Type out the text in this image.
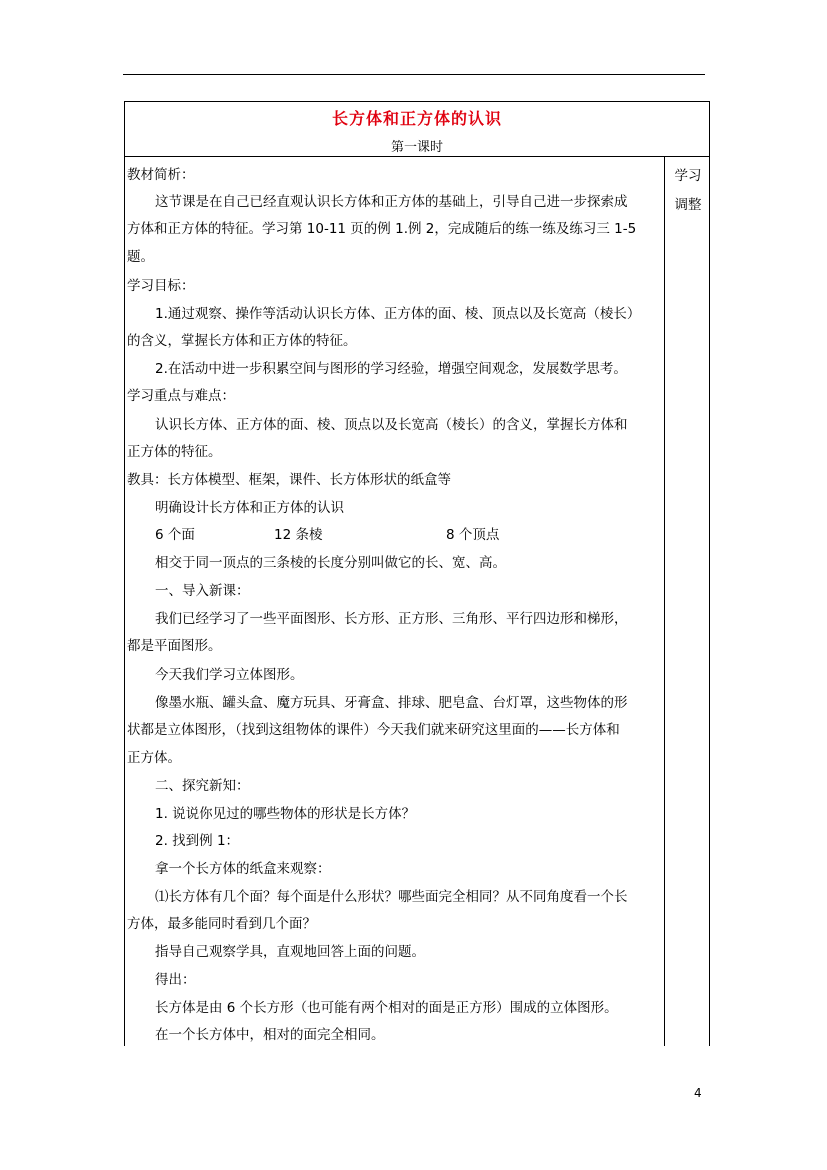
长方体和正方体的认识
第一课时
学习
调整
教材简析：
这节课是在自己已经直观认识长方体和正方体的基础上，引导自己进一步探索成
方体和正方体的特征。学习第 10-11 页的例 1.例 2，完成随后的练一练及练习三 1-5
题。
学习目标：
1.通过观察、操作等活动认识长方体、正方体的面、棱、顶点以及长宽高（棱长）
的含义，掌握长方体和正方体的特征。
2.在活动中进一步积累空间与图形的学习经验，增强空间观念，发展数学思考。
学习重点与难点：
认识长方体、正方体的面、棱、顶点以及长宽高（棱长）的含义，掌握长方体和
正方体的特征。
教具：长方体模型、框架，课件、长方体形状的纸盒等
明确设计长方体和正方体的认识
6 个面	12 条棱	8 个顶点
相交于同一顶点的三条棱的长度分别叫做它的长、宽、高。
一、导入新课：
我们已经学习了一些平面图形、长方形、正方形、三角形、平行四边形和梯形，
都是平面图形。
今天我们学习立体图形。
像墨水瓶、罐头盒、魔方玩具、牙膏盒、排球、肥皂盒、台灯罩，这些物体的形
状都是立体图形，（找到这组物体的课件）今天我们就来研究这里面的——长方体和
正方体。
二、探究新知：
1. 说说你见过的哪些物体的形状是长方体？
2. 找到例 1：
拿一个长方体的纸盒来观察：
⑴长方体有几个面？每个面是什么形状？哪些面完全相同？从不同角度看一个长
方体，最多能同时看到几个面？
指导自己观察学具，直观地回答上面的问题。
得出：
长方体是由 6 个长方形（也可能有两个相对的面是正方形）围成的立体图形。
在一个长方体中，相对的面完全相同。
4
